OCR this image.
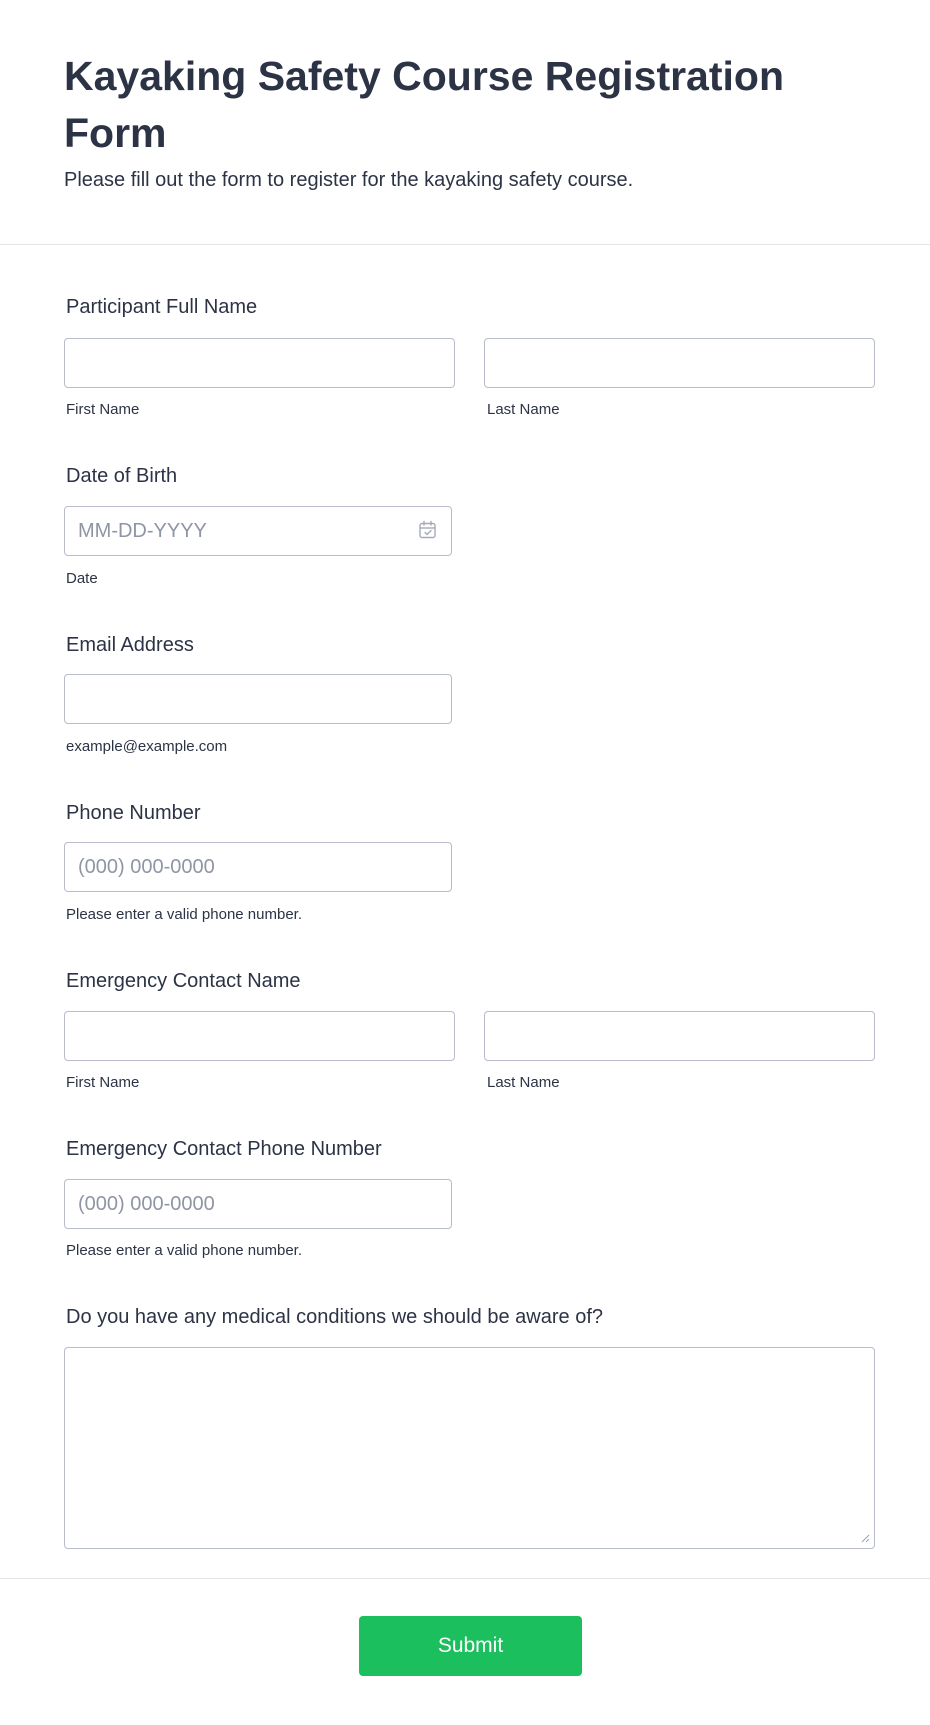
Kayaking Safety Course Registration Form

Please fill out the form to register for the kayaking safety course.

Participant Full Name
First Name	Last Name
Date of Birth
MM-DD-YYYY
Date
Email Address
example@example.com
Phone Number
(000) 000-0000
Please enter a valid phone number.
Emergency Contact Name
First Name	Last Name
Emergency Contact Phone Number
(000) 000-0000
Please enter a valid phone number.
Do you have any medical conditions we should be aware of?
Submit
